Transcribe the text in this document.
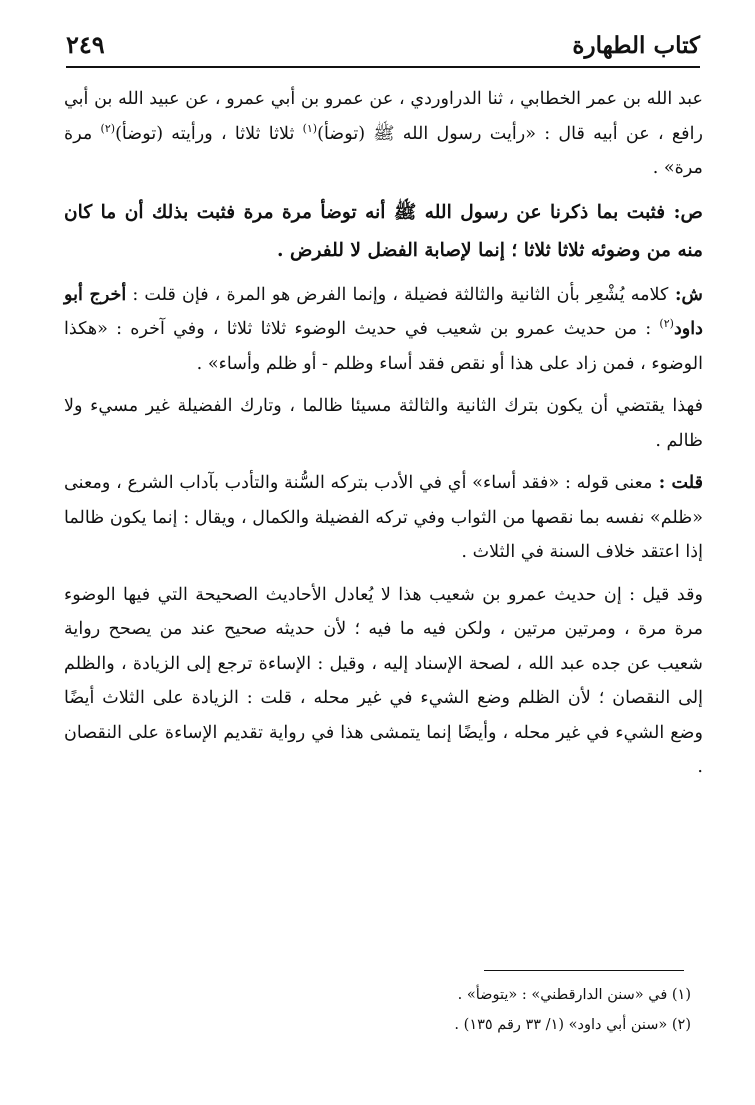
كتاب الطهارة
٢٤٩

عبد الله بن عمر الخطابي ، ثنا الدراوردي ، عن عمرو بن أبي عمرو ، عن عبيد الله بن أبي رافع ، عن أبيه قال : «رأيت رسول الله ﷺ (توضأ)$^{(١)}$ ثلاثا ثلاثا ، ورأيته (توضأ)$^{(٢)}$ مرة مرة» .

ص: فثبت بما ذكرنا عن رسول الله ﷺ أنه توضأ مرة مرة فثبت بذلك أن ما كان منه من وضوئه ثلاثا ثلاثا ؛ إنما لإصابة الفضل لا للفرض .

ش: كلامه يُشْعِر بأن الثانية والثالثة فضيلة ، وإنما الفرض هو المرة ، فإن قلت : أخرج أبو داود$^{(٢)}$ : من حديث عمرو بن شعيب في حديث الوضوء ثلاثا ثلاثا ، وفي آخره : «هكذا الوضوء ، فمن زاد على هذا أو نقص فقد أساء وظلم - أو ظلم وأساء» .

فهذا يقتضي أن يكون بترك الثانية والثالثة مسيئا ظالما ، وتارك الفضيلة غير مسيء ولا ظالم .

قلت : معنى قوله : «فقد أساء» أي في الأدب بتركه السُّنة والتأدب بآداب الشرع ، ومعنى «ظلم» نفسه بما نقصها من الثواب وفي تركه الفضيلة والكمال ، ويقال : إنما يكون ظالما إذا اعتقد خلاف السنة في الثلاث .

وقد قيل : إن حديث عمرو بن شعيب هذا لا يُعادل الأحاديث الصحيحة التي فيها الوضوء مرة مرة ، ومرتين مرتين ، ولكن فيه ما فيه ؛ لأن حديثه صحيح عند من يصحح رواية شعيب عن جده عبد الله ، لصحة الإسناد إليه ، وقيل : الإساءة ترجع إلى الزيادة ، والظلم إلى النقصان ؛ لأن الظلم وضع الشيء في غير محله ، قلت : الزيادة على الثلاث أيضًا وضع الشيء في غير محله ، وأيضًا إنما يتمشى هذا في رواية تقديم الإساءة على النقصان .

(١) في «سنن الدارقطني» : «يتوضأ» .

(٢) «سنن أبي داود» (١/ ٣٣ رقم ١٣٥) .
